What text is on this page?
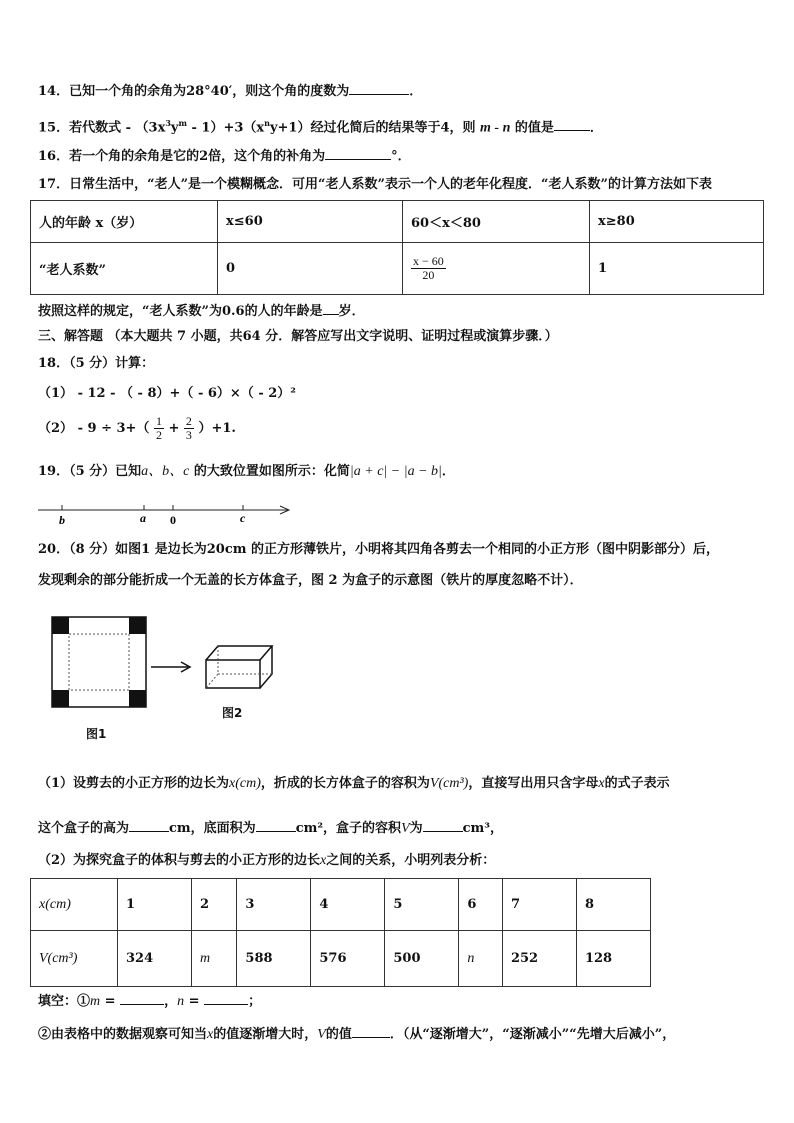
14．已知一个角的余角为28°40′，则这个角的度数为	．
15．若代数式 - $(3x^3y^m - 1)+3(x^ny+1)$经过化简后的结果等于4，则 m - n 的值是	．
16．若一个角的余角是它的2倍，这个角的补角为	°．
17．日常生活中，“老人”是一个模糊概念．可用“老人系数”表示一个人的老年化程度．“老人系数”的计算方法如下表
人的年龄 x（岁）	x≤60	60＜x＜80	x≥80
“老人系数”	0	$\frac{x - 60}{20}$	1
按照这样的规定，“老人系数”为0.6的人的年龄是 岁．
三、解答题 （本大题共 7 小题，共64 分．解答应写出文字说明、证明过程或演算步骤．）
18．（5 分）计算：
（1） - 12 - （ - 8）+（ - 6）×（ - 2）²
$(2) - 9 \div 3+( \frac{1}{2} + \frac{2}{3} )+1$.
19．（5 分）已知a、b、c 的大致位置如图所示：化简|a + c| − |a − b|．
b	a 0	c
20．（8 分）如图1 是边长为20cm 的正方形薄铁片，小明将其四角各剪去一个相同的小正方形（图中阴影部分）后，
发现剩余的部分能折成一个无盖的长方体盒子，图 2 为盒子的示意图（铁片的厚度忽略不计）．
图2
图1
（1）设剪去的小正方形的边长为x(cm)，折成的长方体盒子的容积为V(cm³)，直接写出用只含字母x的式子表示
这个盒子的高为	cm，底面积为	cm²，盒子的容积V为	cm³，
（2）为探究盒子的体积与剪去的小正方形的边长x之间的关系，小明列表分析：
x(cm)	1	2	3	4	5	6	7	8
V(cm³)	324	m	588	576	500	n	252	128
填空：①m =	，n =	；
②由表格中的数据观察可知当x的值逐渐增大时，V的值	．（从“逐渐增大”，“逐渐减小”“先增大后减小”，
